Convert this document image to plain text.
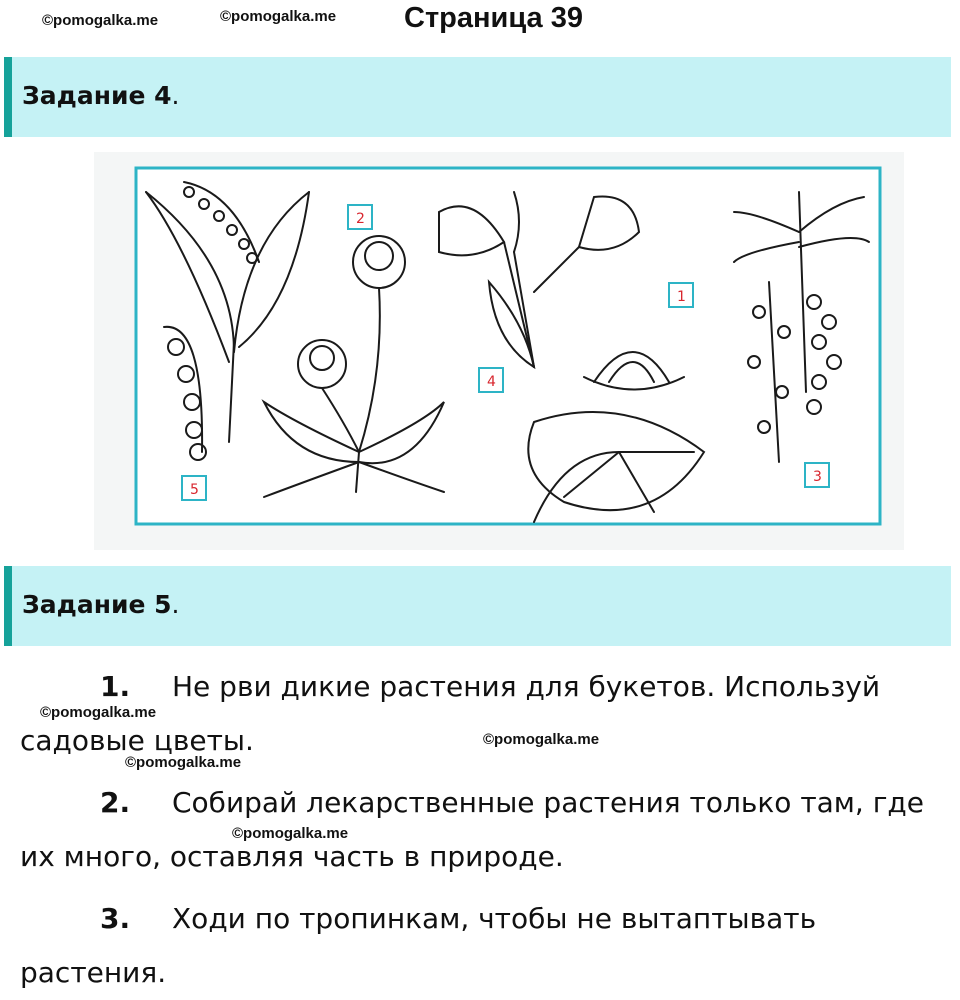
©pomogalka.me	©pomogalka.me Страница 39
Задание 4.
1
2
3
4
5
Задание 5.
1. Не рви дикие растения для букетов. Используй
садовые цветы.
2. Собирай лекарственные растения только там, где
их много, оставляя часть в природе.
3. Ходи по тропинкам, чтобы не вытаптывать
растения.
©pomogalka.me
©pomogalka.me
©pomogalka.me
©pomogalka.me
